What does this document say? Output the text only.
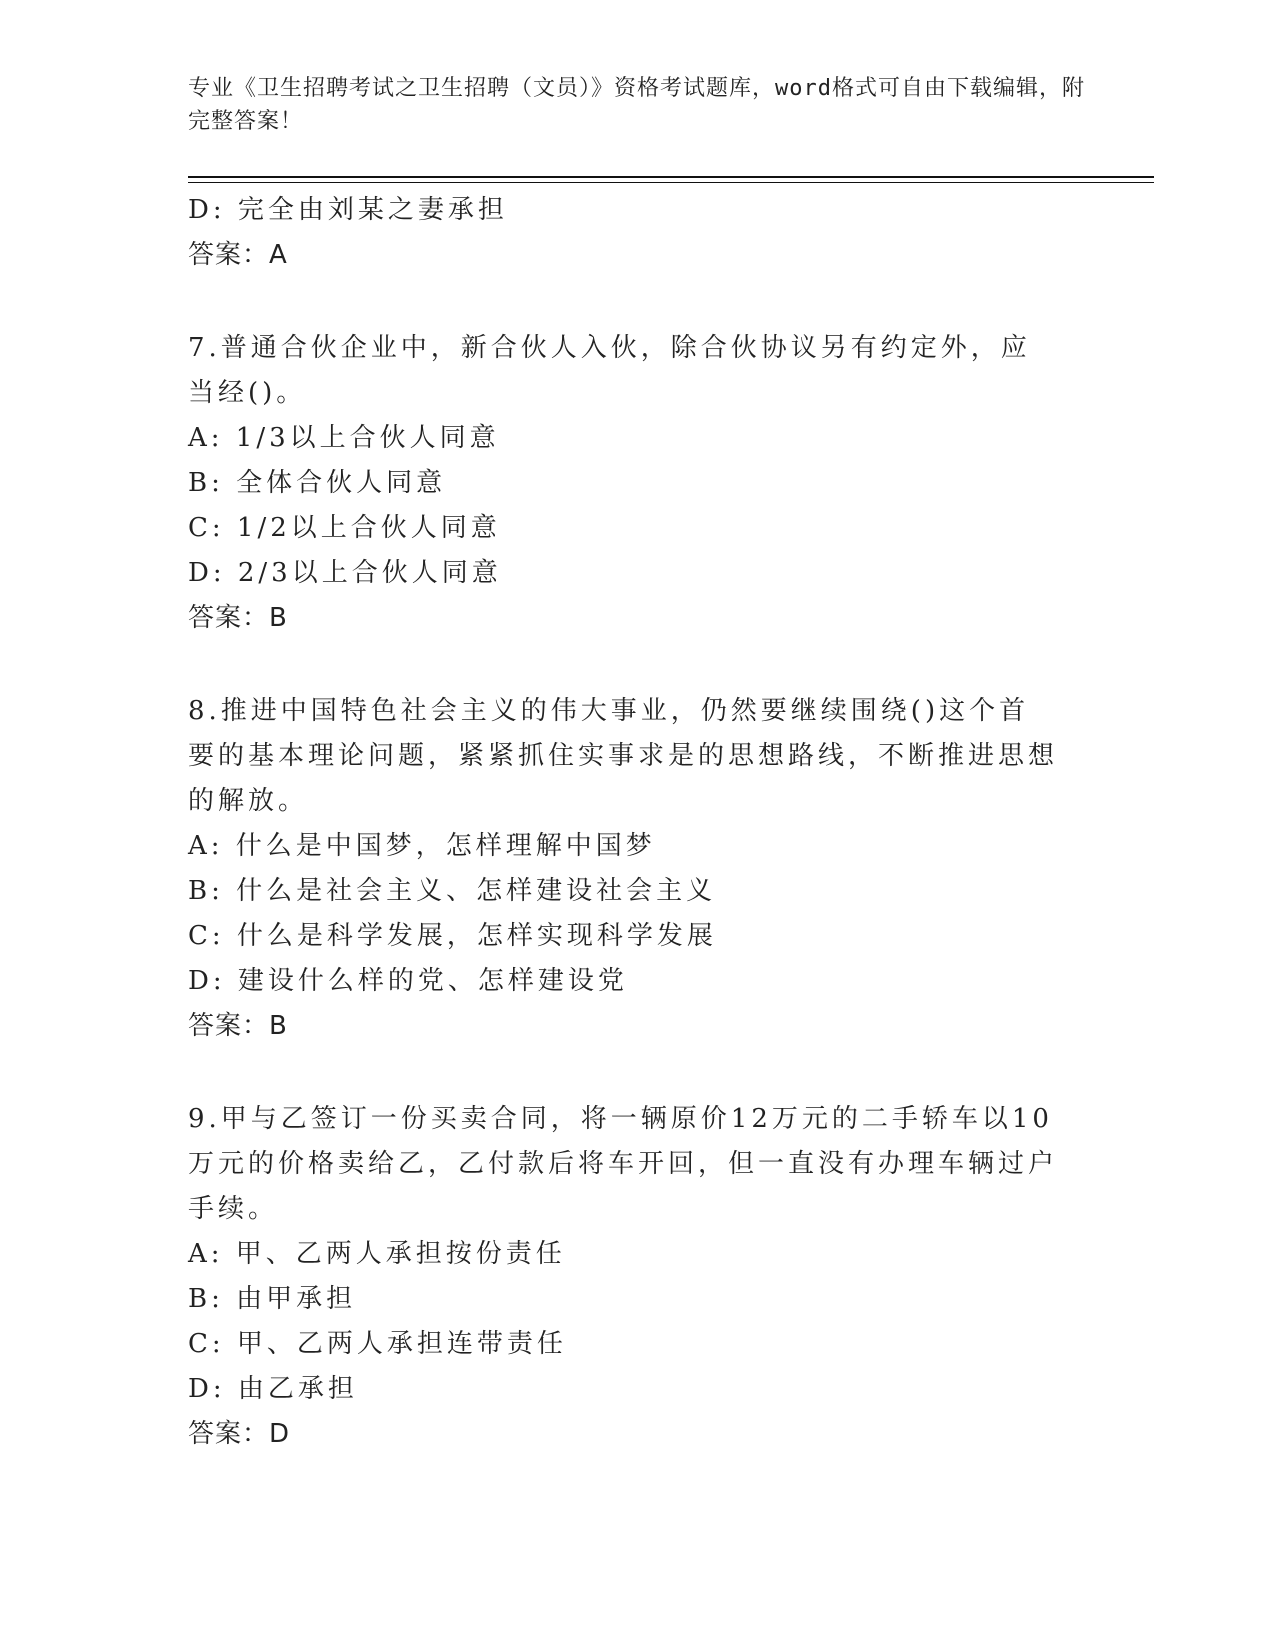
专业《卫生招聘考试之卫生招聘（文员）》资格考试题库，word格式可自由下载编辑，附完整答案！
D: 完全由刘某之妻承担
答案：A
7.普通合伙企业中，新合伙人入伙，除合伙协议另有约定外，应当经()。
A: 1/3以上合伙人同意
B: 全体合伙人同意
C: 1/2以上合伙人同意
D: 2/3以上合伙人同意
答案：B
8.推进中国特色社会主义的伟大事业，仍然要继续围绕()这个首要的基本理论问题，紧紧抓住实事求是的思想路线，不断推进思想的解放。
A: 什么是中国梦，怎样理解中国梦
B: 什么是社会主义、怎样建设社会主义
C: 什么是科学发展，怎样实现科学发展
D: 建设什么样的党、怎样建设党
答案：B
9.甲与乙签订一份买卖合同，将一辆原价12万元的二手轿车以10万元的价格卖给乙，乙付款后将车开回，但一直没有办理车辆过户手续。
A: 甲、乙两人承担按份责任
B: 由甲承担
C: 甲、乙两人承担连带责任
D: 由乙承担
答案：D
